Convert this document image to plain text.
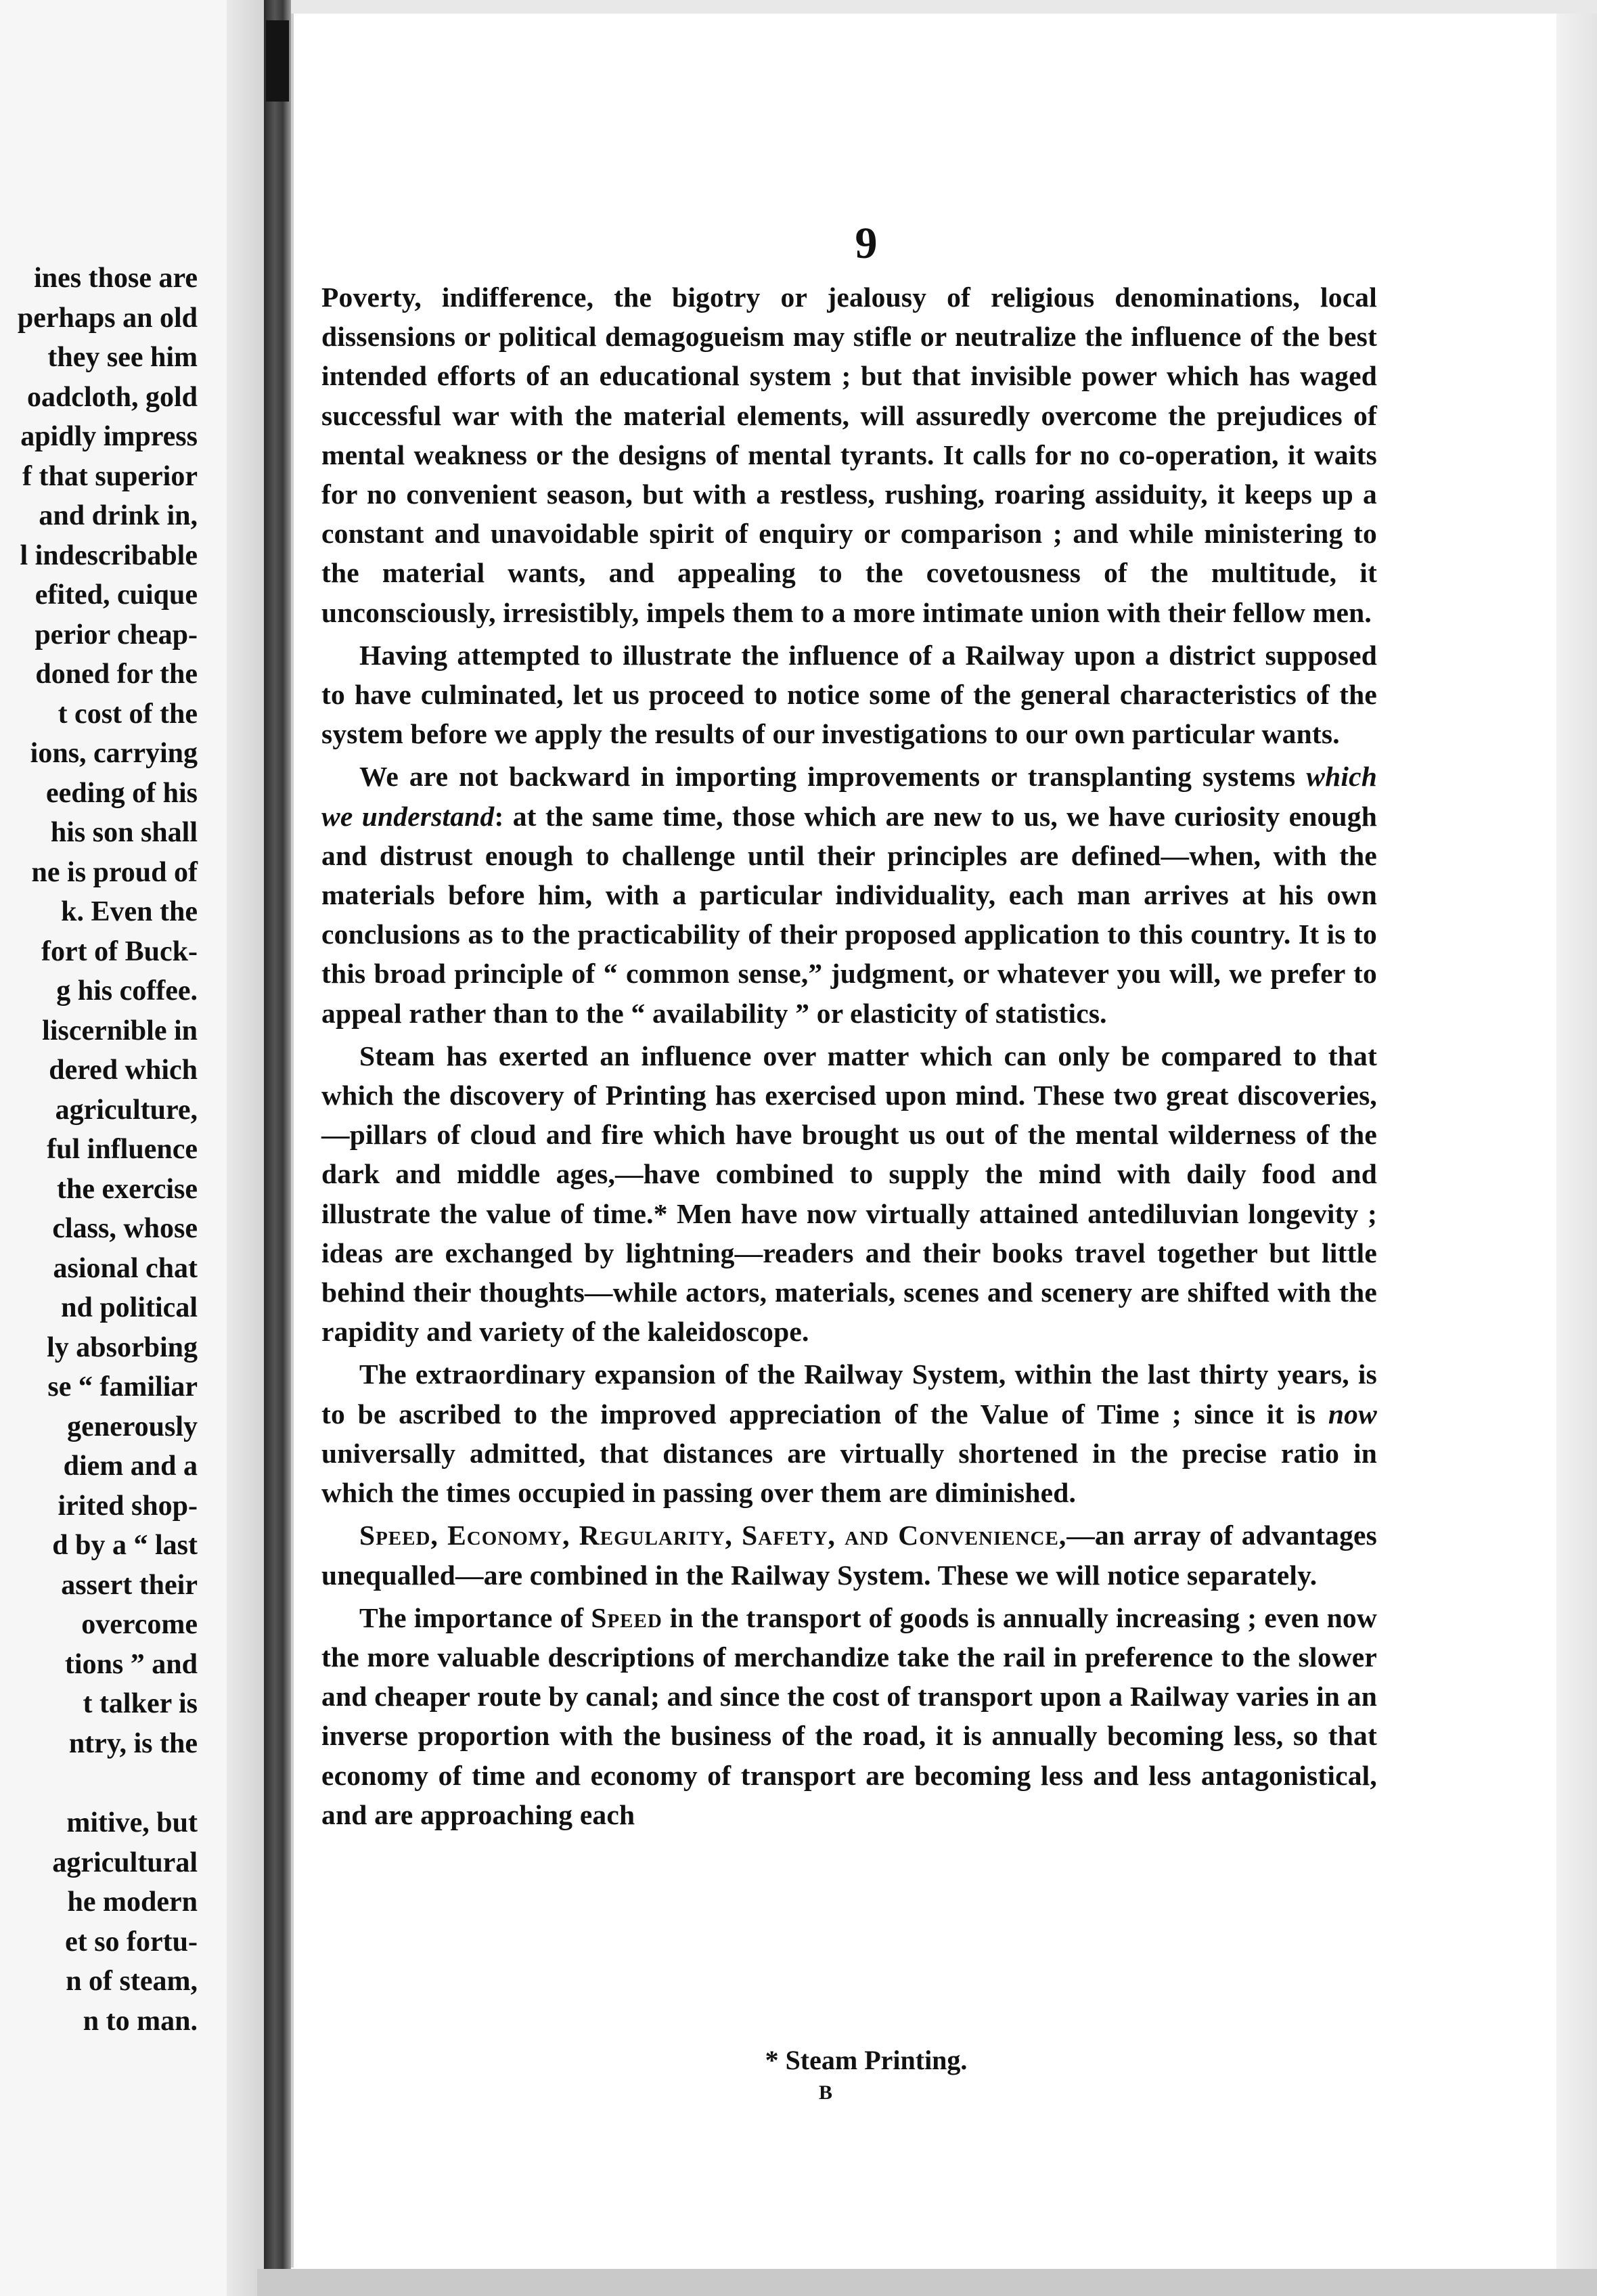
ines those are
perhaps an old
they see him
oadcloth, gold
apidly impress
f that superior
and drink in,
l indescribable
efited, cuique
perior cheap-
doned for the
t cost of the
ions, carrying
eeding of his
his son shall
ne is proud of
k. Even the
fort of Buck-
g his coffee.
liscernible in
dered which
agriculture,
ful influence
the exercise
class, whose
asional chat
nd political
ly absorbing
se “ familiar
generously
diem and a
irited shop-
d by a “ last
assert their
overcome
tions ” and
t talker is
ntry, is the
mitive, but
agricultural
he modern
et so fortu-
n of steam,
n to man.
9

Poverty, indifference, the bigotry or jealousy of religious denominations, local dissensions or political demagogueism may stifle or neutralize the influence of the best intended efforts of an educational system ; but that invisible power which has waged successful war with the material elements, will assuredly overcome the prejudices of mental weakness or the designs of mental tyrants. It calls for no co-operation, it waits for no convenient season, but with a restless, rushing, roaring assiduity, it keeps up a constant and unavoidable spirit of enquiry or comparison ; and while ministering to the material wants, and appealing to the covetousness of the multitude, it unconsciously, irresistibly, impels them to a more intimate union with their fellow men.

Having attempted to illustrate the influence of a Railway upon a district supposed to have culminated, let us proceed to notice some of the general characteristics of the system before we apply the results of our investigations to our own particular wants.

We are not backward in importing improvements or transplanting systems which we understand: at the same time, those which are new to us, we have curiosity enough and distrust enough to challenge until their principles are defined—when, with the materials before him, with a particular individuality, each man arrives at his own conclusions as to the practicability of their proposed application to this country. It is to this broad principle of “ common sense,” judgment, or whatever you will, we prefer to appeal rather than to the “ availability ” or elasticity of statistics.

Steam has exerted an influence over matter which can only be compared to that which the discovery of Printing has exercised upon mind. These two great discoveries,—pillars of cloud and fire which have brought us out of the mental wilderness of the dark and middle ages,—have combined to supply the mind with daily food and illustrate the value of time.* Men have now virtually attained antediluvian longevity ; ideas are exchanged by lightning—readers and their books travel together but little behind their thoughts—while actors, materials, scenes and scenery are shifted with the rapidity and variety of the kaleidoscope.

The extraordinary expansion of the Railway System, within the last thirty years, is to be ascribed to the improved appreciation of the Value of Time ; since it is now universally admitted, that distances are virtually shortened in the precise ratio in which the times occupied in passing over them are diminished.

Speed, Economy, Regularity, Safety, and Convenience,—an array of advantages unequalled—are combined in the Railway System. These we will notice separately.

The importance of Speed in the transport of goods is annually increasing ; even now the more valuable descriptions of merchandize take the rail in preference to the slower and cheaper route by canal; and since the cost of transport upon a Railway varies in an inverse proportion with the business of the road, it is annually becoming less, so that economy of time and economy of transport are becoming less and less antagonistical, and are approaching each

* Steam Printing.
B
